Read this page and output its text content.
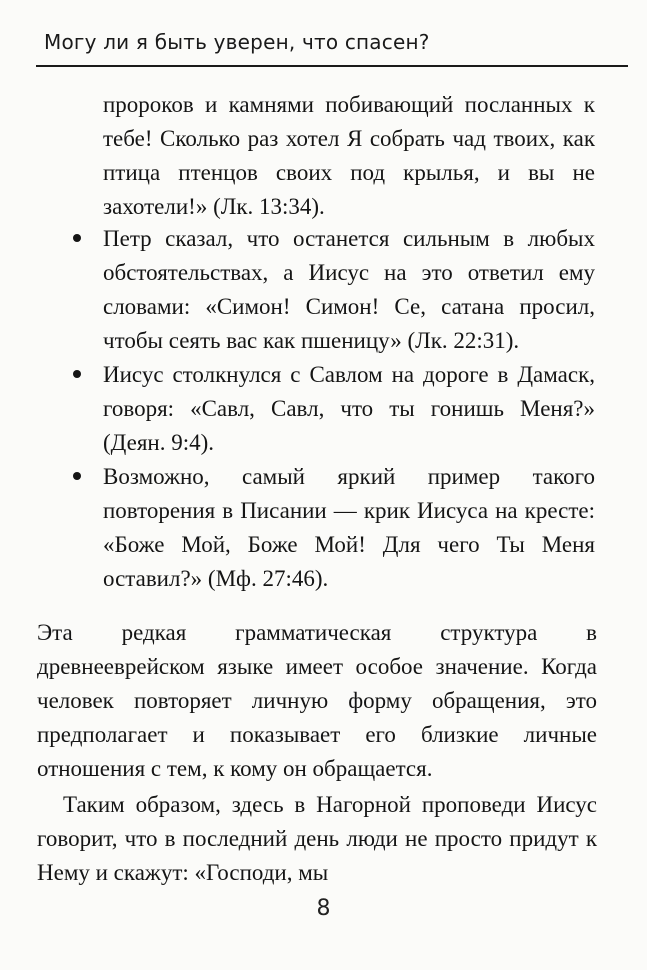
Могу ли я быть уверен, что спасен?
пророков и камнями побивающий посланных к тебе! Сколько раз хотел Я собрать чад твоих, как птица птенцов своих под крылья, и вы не захотели!» (Лк. 13:34).
Петр сказал, что останется сильным в любых обстоятельствах, а Иисус на это ответил ему словами: «Симон! Симон! Се, сатана просил, чтобы сеять вас как пшеницу» (Лк. 22:31).
Иисус столкнулся с Савлом на дороге в Дамаск, говоря: «Савл, Савл, что ты гонишь Меня?» (Деян. 9:4).
Возможно, самый яркий пример такого повторения в Писании — крик Иисуса на кресте: «Боже Мой, Боже Мой! Для чего Ты Меня оставил?» (Мф. 27:46).

Эта редкая грамматическая структура в древнееврейском языке имеет особое значение. Когда человек повторяет личную форму обращения, это предполагает и показывает его близкие личные отношения с тем, к кому он обращается.

Таким образом, здесь в Нагорной проповеди Иисус говорит, что в последний день люди не просто придут к Нему и скажут: «Господи, мы

8
